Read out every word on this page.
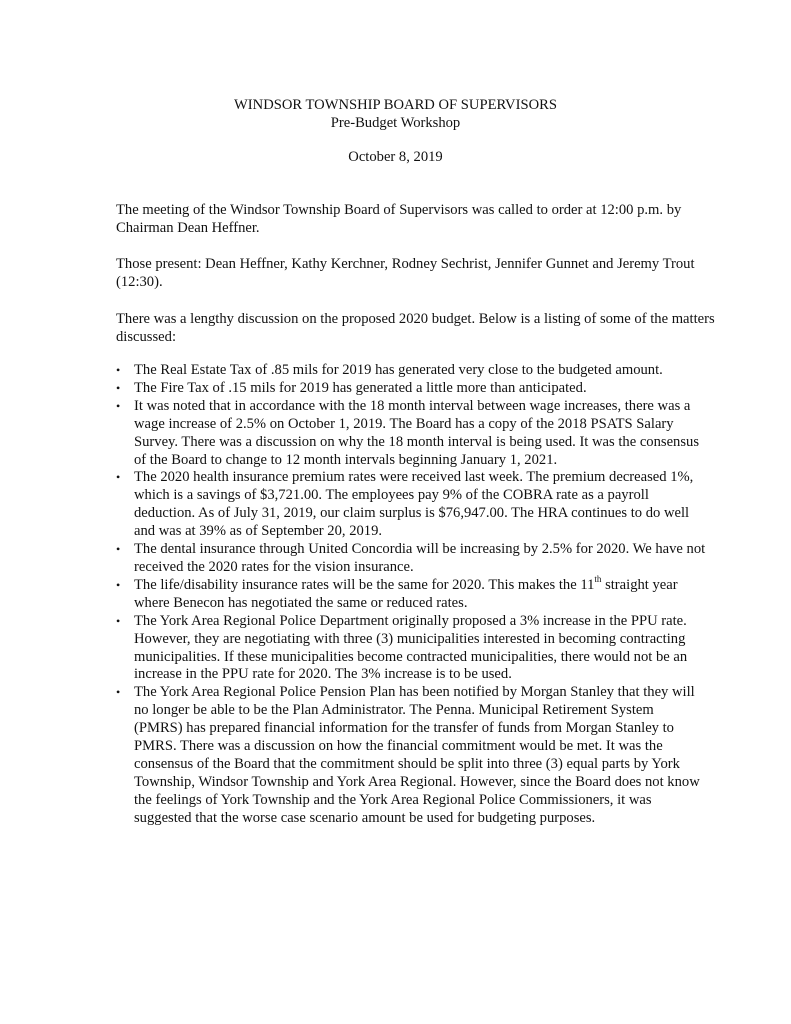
WINDSOR TOWNSHIP BOARD OF SUPERVISORS
Pre-Budget Workshop
October 8, 2019
The meeting of the Windsor Township Board of Supervisors was called to order at 12:00 p.m. by Chairman Dean Heffner.
Those present: Dean Heffner, Kathy Kerchner, Rodney Sechrist, Jennifer Gunnet and Jeremy Trout (12:30).
There was a lengthy discussion on the proposed 2020 budget. Below is a listing of some of the matters discussed:
• The Real Estate Tax of .85 mils for 2019 has generated very close to the budgeted amount.
• The Fire Tax of .15 mils for 2019 has generated a little more than anticipated.
• It was noted that in accordance with the 18 month interval between wage increases, there was a wage increase of 2.5% on October 1, 2019. The Board has a copy of the 2018 PSATS Salary Survey. There was a discussion on why the 18 month interval is being used. It was the consensus of the Board to change to 12 month intervals beginning January 1, 2021.
• The 2020 health insurance premium rates were received last week. The premium decreased 1%, which is a savings of $3,721.00. The employees pay 9% of the COBRA rate as a payroll deduction. As of July 31, 2019, our claim surplus is $76,947.00. The HRA continues to do well and was at 39% as of September 20, 2019.
• The dental insurance through United Concordia will be increasing by 2.5% for 2020. We have not received the 2020 rates for the vision insurance.
• The life/disability insurance rates will be the same for 2020. This makes the 11th straight year where Benecon has negotiated the same or reduced rates.
• The York Area Regional Police Department originally proposed a 3% increase in the PPU rate. However, they are negotiating with three (3) municipalities interested in becoming contracting municipalities. If these municipalities become contracted municipalities, there would not be an increase in the PPU rate for 2020. The 3% increase is to be used.
• The York Area Regional Police Pension Plan has been notified by Morgan Stanley that they will no longer be able to be the Plan Administrator. The Penna. Municipal Retirement System (PMRS) has prepared financial information for the transfer of funds from Morgan Stanley to PMRS. There was a discussion on how the financial commitment would be met. It was the consensus of the Board that the commitment should be split into three (3) equal parts by York Township, Windsor Township and York Area Regional. However, since the Board does not know the feelings of York Township and the York Area Regional Police Commissioners, it was suggested that the worse case scenario amount be used for budgeting purposes.
